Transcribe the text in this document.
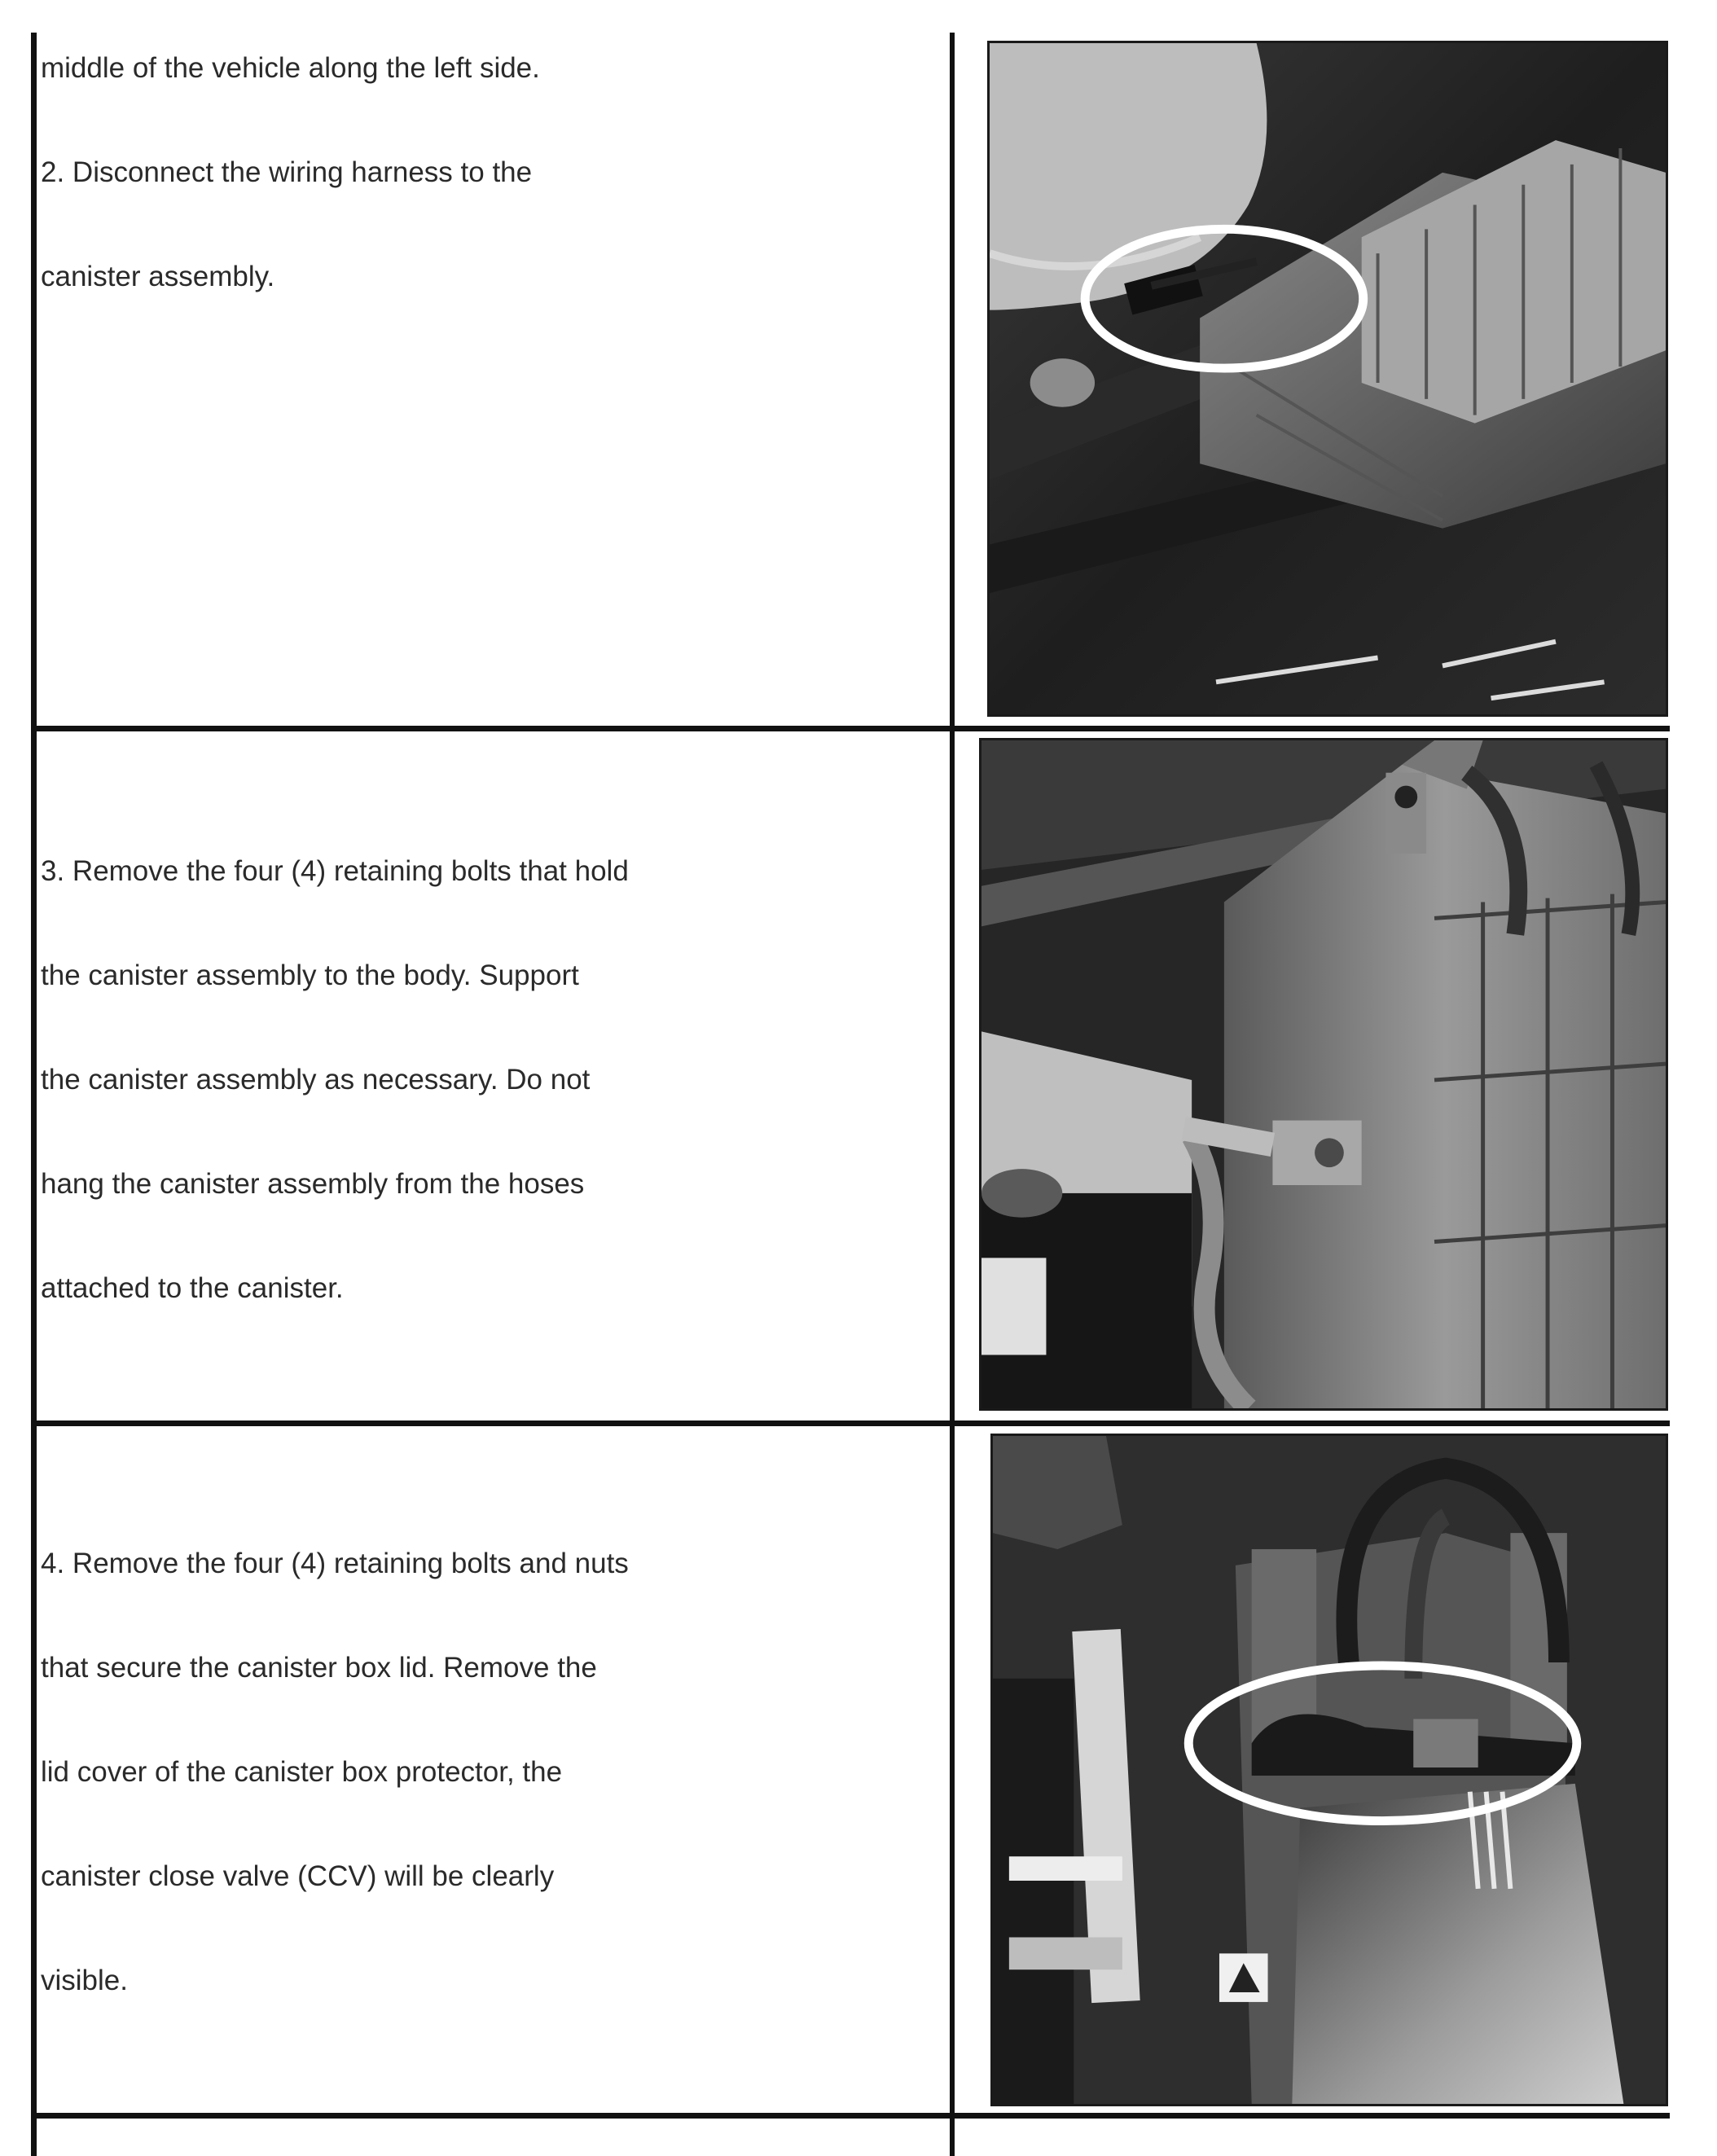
middle of the vehicle along the left side.

2. Disconnect the wiring harness to the

canister assembly.

3. Remove the four (4) retaining bolts that hold

the canister assembly to the body. Support

the canister assembly as necessary. Do not

hang the canister assembly from the hoses

attached to the canister.

4. Remove the four (4) retaining bolts and nuts

that secure the canister box lid. Remove the

lid cover of the canister box protector, the

canister close valve (CCV) will be clearly

visible.
